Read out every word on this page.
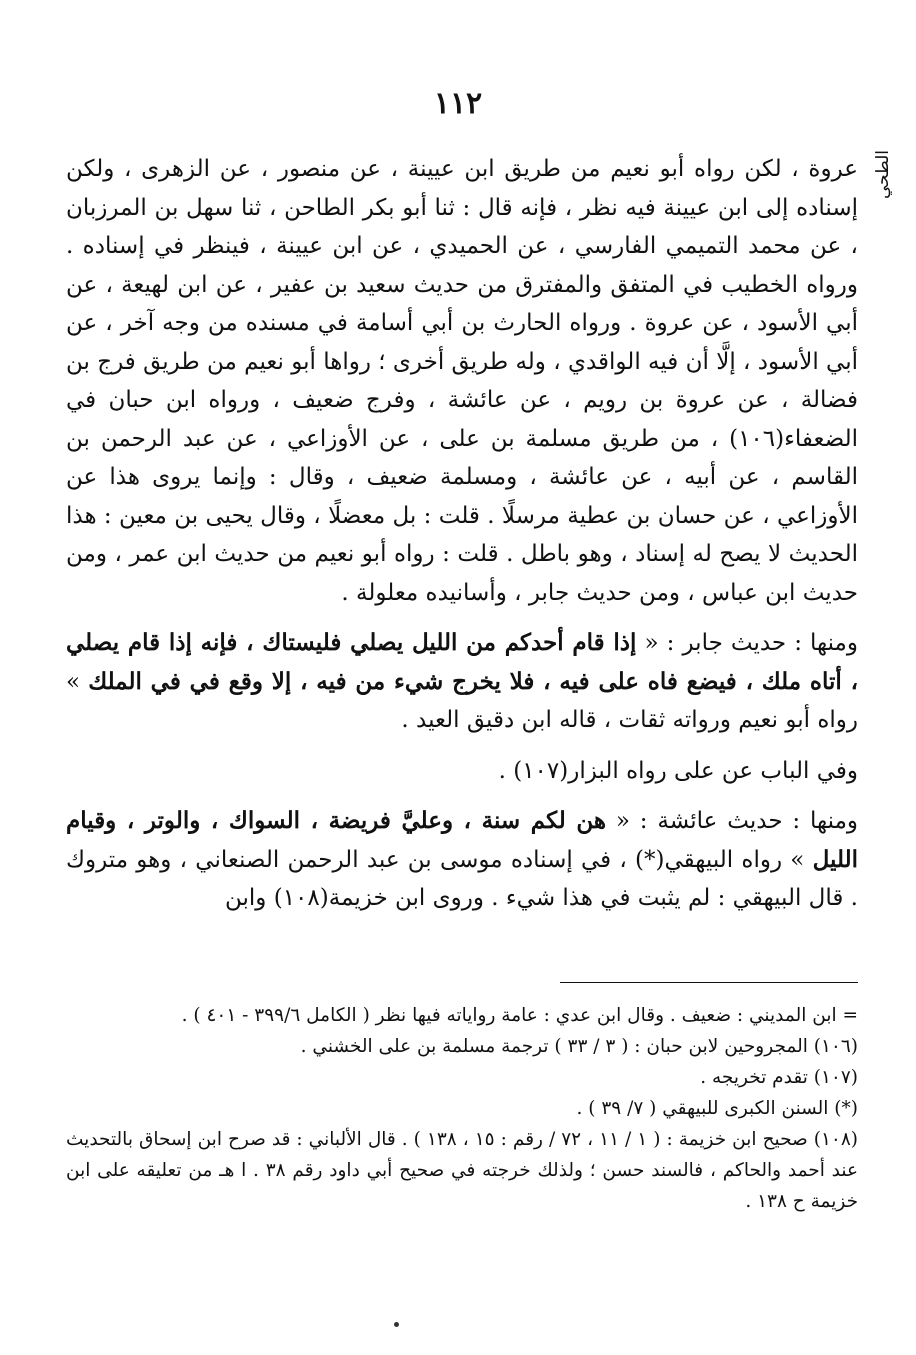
١١٢
الطحي

عروة ، لكن رواه أبو نعيم من طريق ابن عيينة ، عن منصور ، عن الزهرى ، ولكن إسناده إلى ابن عيينة فيه نظر ، فإنه قال : ثنا أبو بكر الطاحن ، ثنا سهل بن المرزبان ، عن محمد التميمي الفارسي ، عن الحميدي ، عن ابن عيينة ، فينظر في إسناده . ورواه الخطيب في المتفق والمفترق من حديث سعيد بن عفير ، عن ابن لهيعة ، عن أبي الأسود ، عن عروة . ورواه الحارث بن أبي أسامة في مسنده من وجه آخر ، عن أبي الأسود ، إلَّا أن فيه الواقدي ، وله طريق أخرى ؛ رواها أبو نعيم من طريق فرج بن فضالة ، عن عروة بن رويم ، عن عائشة ، وفرج ضعيف ، ورواه ابن حبان في الضعفاء(١٠٦) ، من طريق مسلمة بن على ، عن الأوزاعي ، عن عبد الرحمن بن القاسم ، عن أبيه ، عن عائشة ، ومسلمة ضعيف ، وقال : وإنما يروى هذا عن الأوزاعي ، عن حسان بن عطية مرسلًا . قلت : بل معضلًا ، وقال يحيى بن معين : هذا الحديث لا يصح له إسناد ، وهو باطل . قلت : رواه أبو نعيم من حديث ابن عمر ، ومن حديث ابن عباس ، ومن حديث جابر ، وأسانيده معلولة .

ومنها : حديث جابر : « إذا قام أحدكم من الليل يصلي فليستاك ، فإنه إذا قام يصلي ، أتاه ملك ، فيضع فاه على فيه ، فلا يخرج شيء من فيه ، إلا وقع في في الملك » رواه أبو نعيم ورواته ثقات ، قاله ابن دقيق العيد .

وفي الباب عن على رواه البزار(١٠٧) .

ومنها : حديث عائشة : « هن لكم سنة ، وعليَّ فريضة ، السواك ، والوتر ، وقيام الليل » رواه البيهقي(*) ، في إسناده موسى بن عبد الرحمن الصنعاني ، وهو متروك . قال البيهقي : لم يثبت في هذا شيء . وروى ابن خزيمة(١٠٨) وابن

= ابن المديني : ضعيف . وقال ابن عدي : عامة رواياته فيها نظر ( الكامل ٣٩٩/٦ - ٤٠١ ) .

(١٠٦) المجروحين لابن حبان : ( ٣ / ٣٣ ) ترجمة مسلمة بن على الخشني .

(١٠٧) تقدم تخريجه .

(*) السنن الكبرى للبيهقي ( ٧/ ٣٩ ) .

(١٠٨) صحيح ابن خزيمة : ( ١ / ١١ ، ٧٢ / رقم : ١٥ ، ١٣٨ ) . قال الألباني : قد صرح ابن إسحاق بالتحديث عند أحمد والحاكم ، فالسند حسن ؛ ولذلك خرجته في صحيح أبي داود رقم ٣٨ . ا هـ من تعليقه على ابن خزيمة ح ١٣٨ .
